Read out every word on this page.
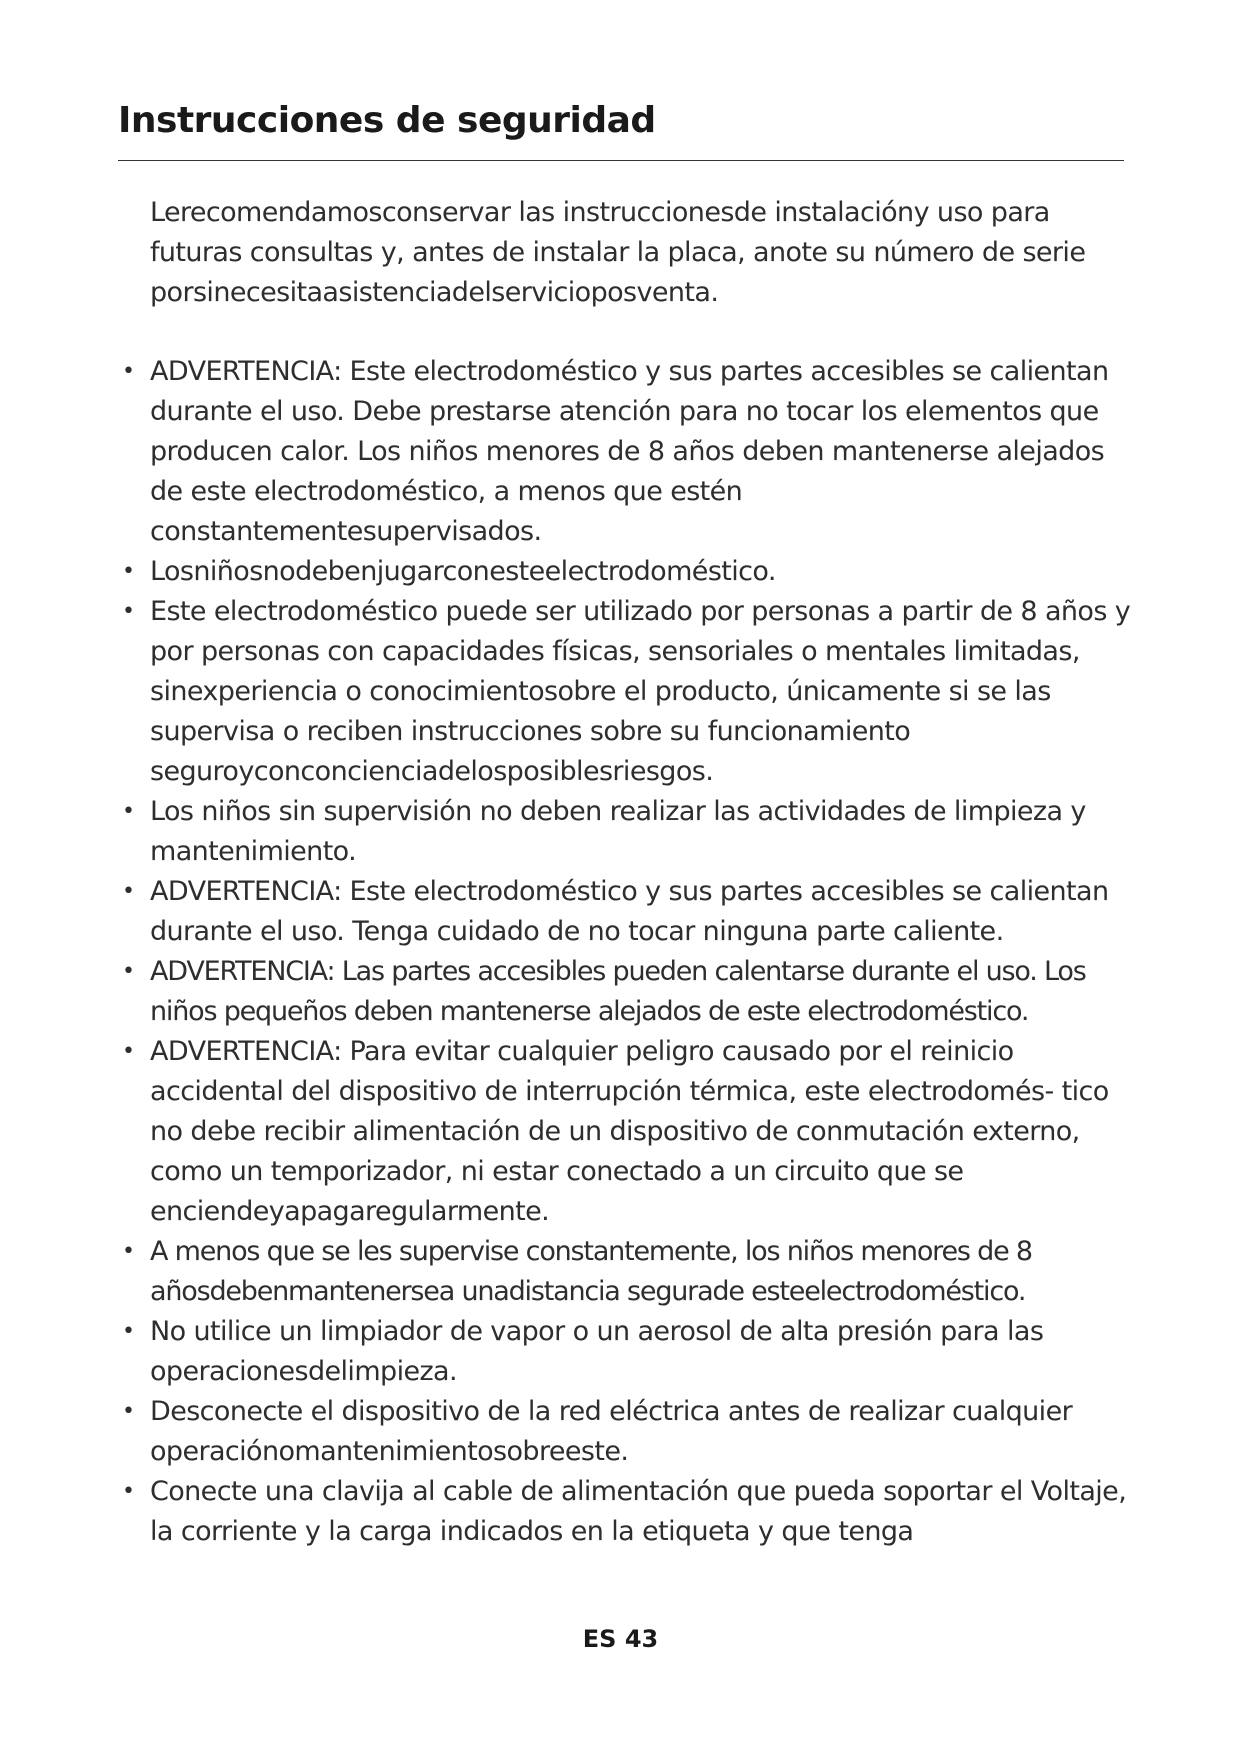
Instrucciones de seguridad

Lerecomendamosconservar las instruccionesde instalacióny uso para futuras consultas y, antes de instalar la placa, anote su número de serie porsinecesitaasistenciadelservicioposventa.

• ADVERTENCIA: Este electrodoméstico y sus partes accesibles se calientan durante el uso. Debe prestarse atención para no tocar los elementos que producen calor. Los niños menores de 8 años deben mantenerse alejados de este electrodoméstico, a menos que estén constantementesupervisados.
• Losniñosnodebenjugarconesteelectrodoméstico.
• Este electrodoméstico puede ser utilizado por personas a partir de 8 años y por personas con capacidades físicas, sensoriales o mentales limitadas, sinexperiencia o conocimientosobre el producto, únicamente si se las supervisa o reciben instrucciones sobre su funcionamiento seguroyconconcienciadelosposiblesriesgos.
• Los niños sin supervisión no deben realizar las actividades de limpieza y mantenimiento.
• ADVERTENCIA: Este electrodoméstico y sus partes accesibles se calientan durante el uso. Tenga cuidado de no tocar ninguna parte caliente.
• ADVERTENCIA: Las partes accesibles pueden calentarse durante el uso. Los niños pequeños deben mantenerse alejados de este electrodoméstico.
• ADVERTENCIA: Para evitar cualquier peligro causado por el reinicio accidental del dispositivo de interrupción térmica, este electrodomés- tico no debe recibir alimentación de un dispositivo de conmutación externo, como un temporizador, ni estar conectado a un circuito que se enciendeyapagaregularmente.
• A menos que se les supervise constantemente, los niños menores de 8 añosdebenmantenersea unadistancia segurade esteelectrodoméstico.
• No utilice un limpiador de vapor o un aerosol de alta presión para las operacionesdelimpieza.
• Desconecte el dispositivo de la red eléctrica antes de realizar cualquier operaciónomantenimientosobreeste.
• Conecte una clavija al cable de alimentación que pueda soportar el Voltaje, la corriente y la carga indicados en la etiqueta y que tenga
ES 43
